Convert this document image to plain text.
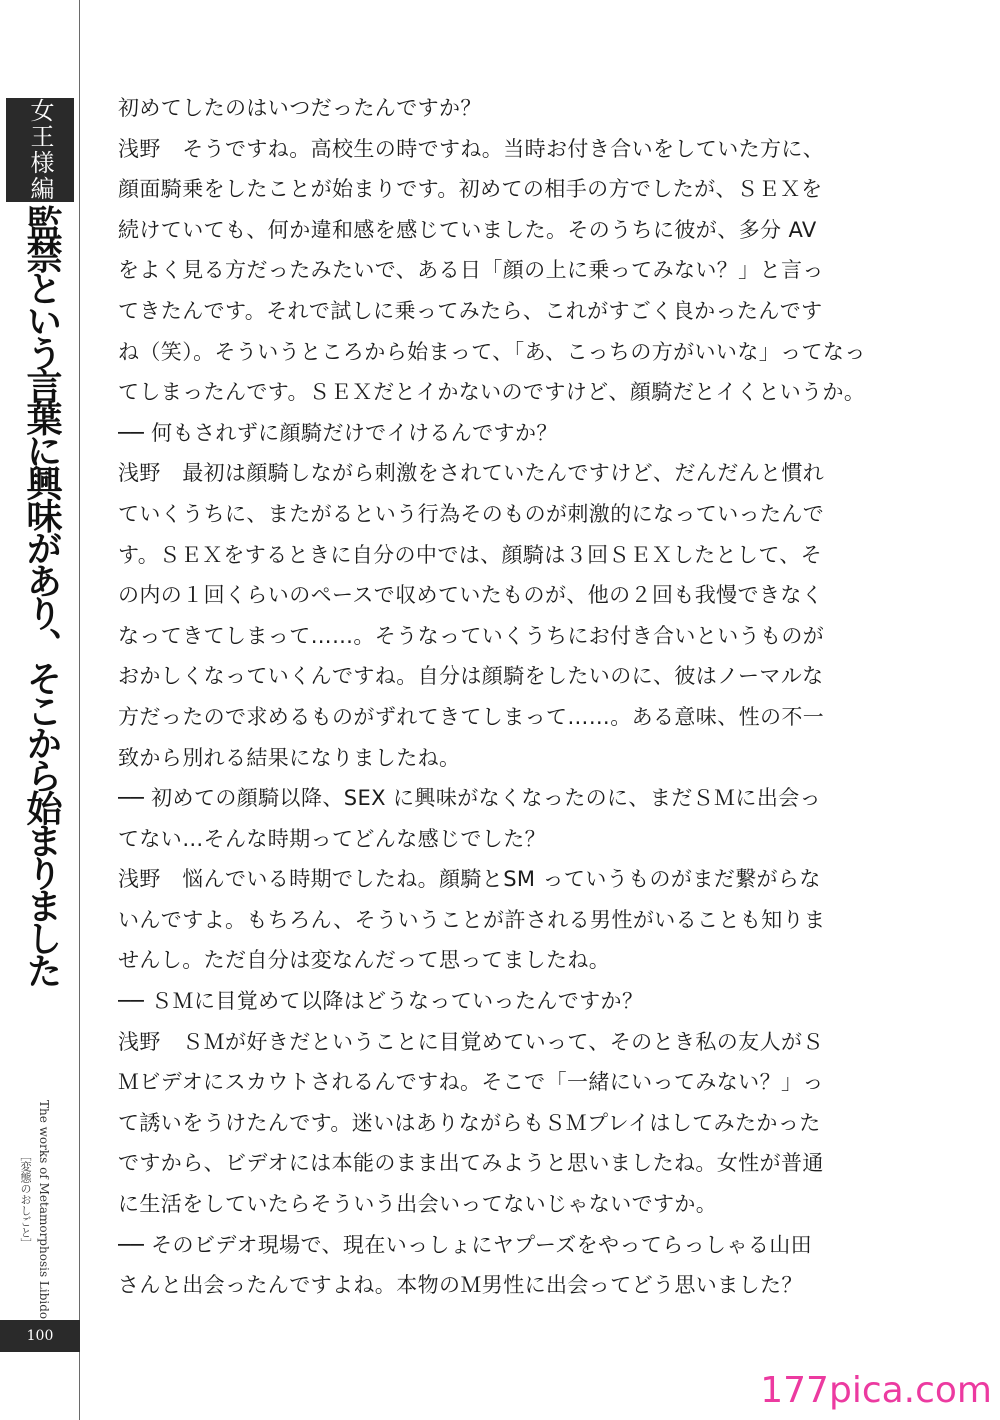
女王様編
監禁という言葉に興味があり、そこから始まりました
The works of Metamorphosis Libido
［変態のおしごと］
100
初めてしたのはいつだったんですか？
浅野　そうですね。高校生の時ですね。当時お付き合いをしていた方に、
顔面騎乗をしたことが始まりです。初めての相手の方でしたが、ＳＥＸを
続けていても、何か違和感を感じていました。そのうちに彼が、多分 AV
をよく見る方だったみたいで、ある日「顔の上に乗ってみない？」と言っ
てきたんです。それで試しに乗ってみたら、これがすごく良かったんです
ね（笑）。そういうところから始まって、「あ、こっちの方がいいな」ってなっ
てしまったんです。ＳＥＸだとイかないのですけど、顔騎だとイくというか。
── 何もされずに顔騎だけでイけるんですか？
浅野　最初は顔騎しながら刺激をされていたんですけど、だんだんと慣れ
ていくうちに、またがるという行為そのものが刺激的になっていったんで
す。ＳＥＸをするときに自分の中では、顔騎は３回ＳＥＸしたとして、そ
の内の１回くらいのペースで収めていたものが、他の２回も我慢できなく
なってきてしまって……。そうなっていくうちにお付き合いというものが
おかしくなっていくんですね。自分は顔騎をしたいのに、彼はノーマルな
方だったので求めるものがずれてきてしまって……。ある意味、性の不一
致から別れる結果になりましたね。
── 初めての顔騎以降、SEX に興味がなくなったのに、まだＳＭに出会っ
てない…そんな時期ってどんな感じでした？
浅野　悩んでいる時期でしたね。顔騎とSM っていうものがまだ繋がらな
いんですよ。もちろん、そういうことが許される男性がいることも知りま
せんし。ただ自分は変なんだって思ってましたね。
── ＳＭに目覚めて以降はどうなっていったんですか？
浅野　ＳＭが好きだということに目覚めていって、そのとき私の友人がＳ
Ｍビデオにスカウトされるんですね。そこで「一緒にいってみない？」っ
て誘いをうけたんです。迷いはありながらもＳＭプレイはしてみたかった
ですから、ビデオには本能のまま出てみようと思いましたね。女性が普通
に生活をしていたらそういう出会いってないじゃないですか。
── そのビデオ現場で、現在いっしょにヤプーズをやってらっしゃる山田
さんと出会ったんですよね。本物のＭ男性に出会ってどう思いました？
177pica.com
